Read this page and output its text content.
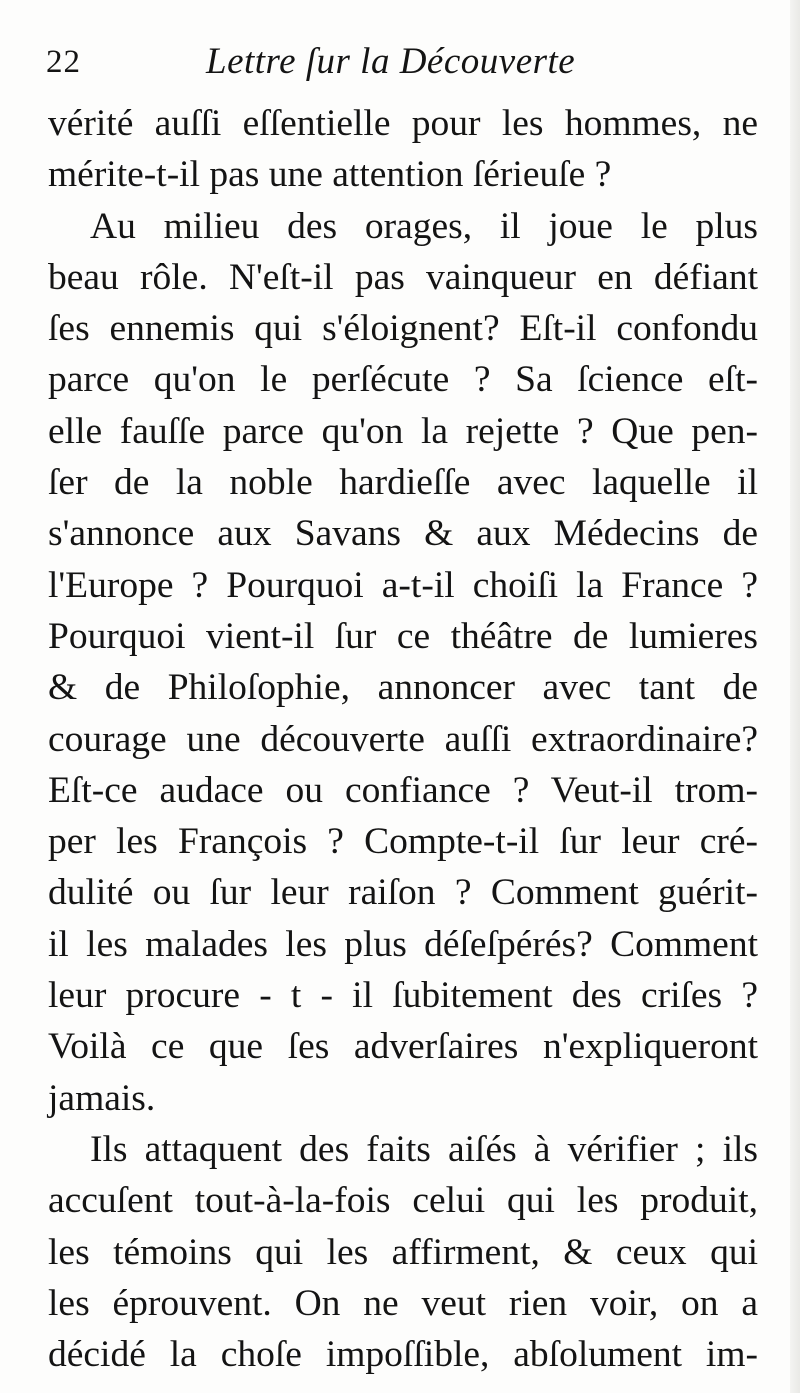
22	Lettre ſur la Découverte
vérité auſſi eſſentielle pour les hommes, ne
mérite-t-il pas une attention ſérieuſe ?
Au milieu des orages, il joue le plus
beau rôle. N'eſt-il pas vainqueur en défiant
ſes ennemis qui s'éloignent? Eſt-il confondu
parce qu'on le perſécute ? Sa ſcience eſt-
elle fauſſe parce qu'on la rejette ? Que pen-
ſer de la noble hardieſſe avec laquelle il
s'annonce aux Savans & aux Médecins de
l'Europe ? Pourquoi a-t-il choiſi la France ?
Pourquoi vient-il ſur ce théâtre de lumieres
& de Philoſophie, annoncer avec tant de
courage une découverte auſſi extraordinaire?
Eſt-ce audace ou confiance ? Veut-il trom-
per les François ? Compte-t-il ſur leur cré-
dulité ou ſur leur raiſon ? Comment guérit-
il les malades les plus déſeſpérés? Comment
leur procure - t - il ſubitement des criſes ?
Voilà ce que ſes adverſaires n'expliqueront
jamais.
Ils attaquent des faits aiſés à vérifier ; ils
accuſent tout-à-la-fois celui qui les produit,
les témoins qui les affirment, & ceux qui
les éprouvent. On ne veut rien voir, on a
décidé la choſe impoſſible, abſolument im-
